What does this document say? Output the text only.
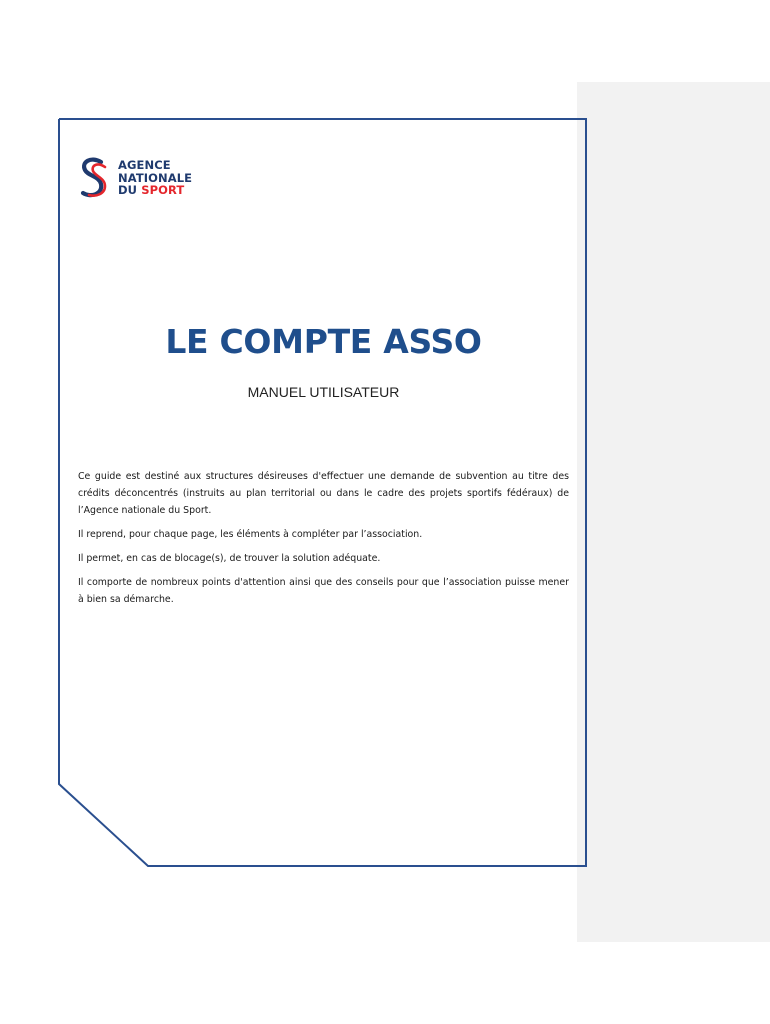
AGENCE
NATIONALE
DU SPORT
LE COMPTE ASSO
MANUEL UTILISATEUR

Ce guide est destiné aux structures désireuses d'effectuer une demande de subvention au titre des crédits déconcentrés (instruits au plan territorial ou dans le cadre des projets sportifs fédéraux) de l’Agence nationale du Sport.

Il reprend, pour chaque page, les éléments à compléter par l’association.

Il permet, en cas de blocage(s), de trouver la solution adéquate.

Il comporte de nombreux points d'attention ainsi que des conseils pour que l’association puisse mener à bien sa démarche.
